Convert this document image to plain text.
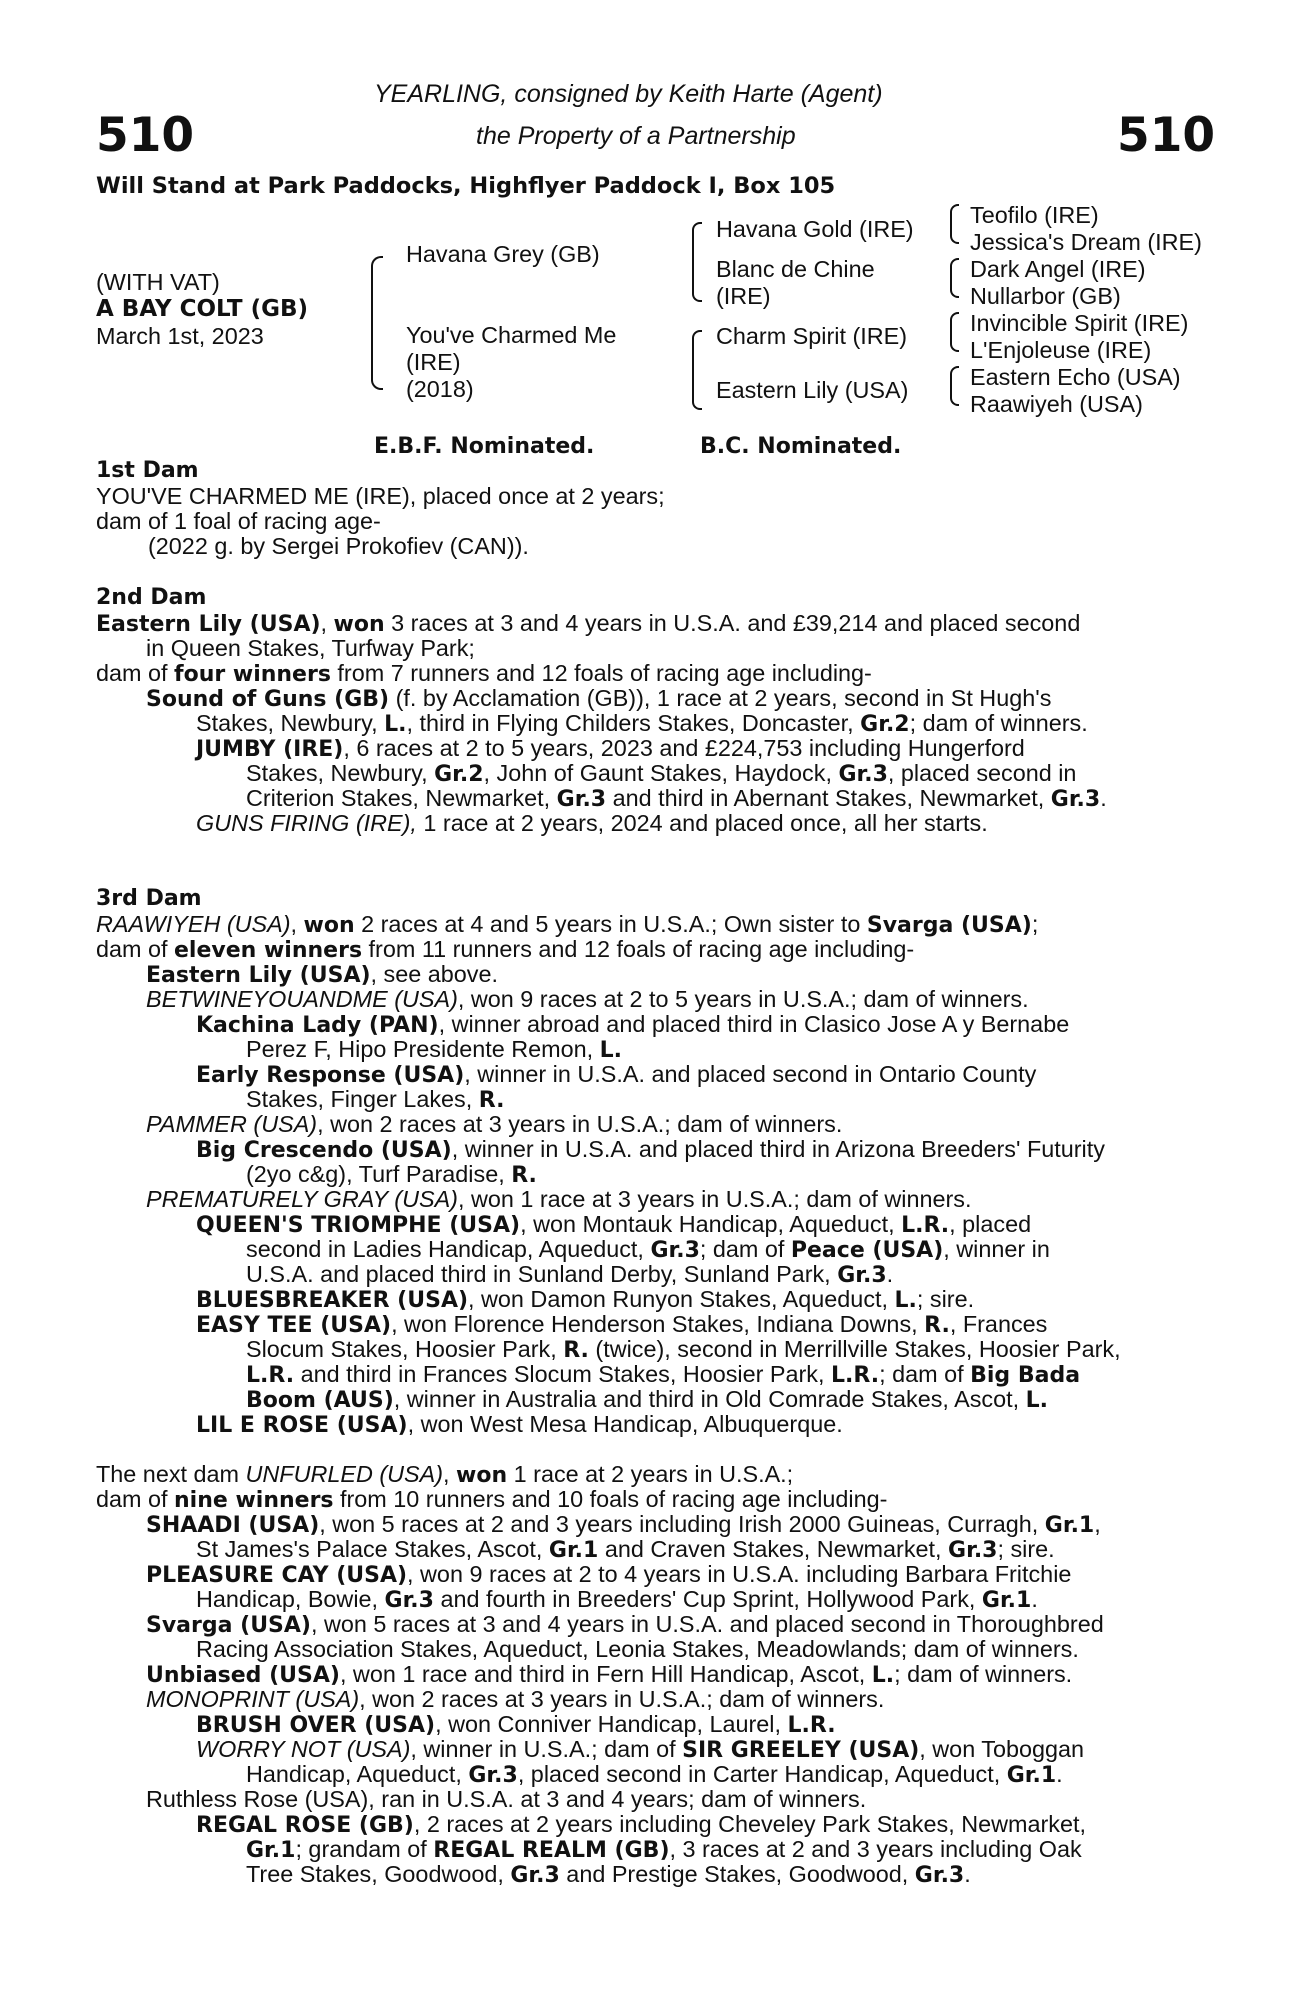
510	510
YEARLING, consigned by Keith Harte (Agent)
the Property of a Partnership
Will Stand at Park Paddocks, Highflyer Paddock I, Box 105
(WITH VAT)
A BAY COLT (GB)
March 1st, 2023
Havana Grey (GB)
You've Charmed Me
(IRE)
(2018)
Havana Gold (IRE)
Blanc de Chine
(IRE)
Charm Spirit (IRE)
Eastern Lily (USA)
Teofilo (IRE)
Jessica's Dream (IRE)
Dark Angel (IRE)
Nullarbor (GB)
Invincible Spirit (IRE)
L'Enjoleuse (IRE)
Eastern Echo (USA)
Raawiyeh (USA)
E.B.F. Nominated.	B.C. Nominated.
1st Dam
YOU'VE CHARMED ME (IRE), placed once at 2 years;
dam of 1 foal of racing age-
(2022 g. by Sergei Prokofiev (CAN)).
2nd Dam
Eastern Lily (USA), won 3 races at 3 and 4 years in U.S.A. and £39,214 and placed second
in Queen Stakes, Turfway Park;
dam of four winners from 7 runners and 12 foals of racing age including-
Sound of Guns (GB) (f. by Acclamation (GB)), 1 race at 2 years, second in St Hugh's
Stakes, Newbury, L., third in Flying Childers Stakes, Doncaster, Gr.2; dam of winners.
JUMBY (IRE), 6 races at 2 to 5 years, 2023 and £224,753 including Hungerford
Stakes, Newbury, Gr.2, John of Gaunt Stakes, Haydock, Gr.3, placed second in
Criterion Stakes, Newmarket, Gr.3 and third in Abernant Stakes, Newmarket, Gr.3.
GUNS FIRING (IRE), 1 race at 2 years, 2024 and placed once, all her starts.
3rd Dam
RAAWIYEH (USA), won 2 races at 4 and 5 years in U.S.A.; Own sister to Svarga (USA);
dam of eleven winners from 11 runners and 12 foals of racing age including-
Eastern Lily (USA), see above.
BETWINEYOUANDME (USA), won 9 races at 2 to 5 years in U.S.A.; dam of winners.
Kachina Lady (PAN), winner abroad and placed third in Clasico Jose A y Bernabe
Perez F, Hipo Presidente Remon, L.
Early Response (USA), winner in U.S.A. and placed second in Ontario County
Stakes, Finger Lakes, R.
PAMMER (USA), won 2 races at 3 years in U.S.A.; dam of winners.
Big Crescendo (USA), winner in U.S.A. and placed third in Arizona Breeders' Futurity
(2yo c&g), Turf Paradise, R.
PREMATURELY GRAY (USA), won 1 race at 3 years in U.S.A.; dam of winners.
QUEEN'S TRIOMPHE (USA), won Montauk Handicap, Aqueduct, L.R., placed
second in Ladies Handicap, Aqueduct, Gr.3; dam of Peace (USA), winner in
U.S.A. and placed third in Sunland Derby, Sunland Park, Gr.3.
BLUESBREAKER (USA), won Damon Runyon Stakes, Aqueduct, L.; sire.
EASY TEE (USA), won Florence Henderson Stakes, Indiana Downs, R., Frances
Slocum Stakes, Hoosier Park, R. (twice), second in Merrillville Stakes, Hoosier Park,
L.R. and third in Frances Slocum Stakes, Hoosier Park, L.R.; dam of Big Bada
Boom (AUS), winner in Australia and third in Old Comrade Stakes, Ascot, L.
LIL E ROSE (USA), won West Mesa Handicap, Albuquerque.
The next dam UNFURLED (USA), won 1 race at 2 years in U.S.A.;
dam of nine winners from 10 runners and 10 foals of racing age including-
SHAADI (USA), won 5 races at 2 and 3 years including Irish 2000 Guineas, Curragh, Gr.1,
St James's Palace Stakes, Ascot, Gr.1 and Craven Stakes, Newmarket, Gr.3; sire.
PLEASURE CAY (USA), won 9 races at 2 to 4 years in U.S.A. including Barbara Fritchie
Handicap, Bowie, Gr.3 and fourth in Breeders' Cup Sprint, Hollywood Park, Gr.1.
Svarga (USA), won 5 races at 3 and 4 years in U.S.A. and placed second in Thoroughbred
Racing Association Stakes, Aqueduct, Leonia Stakes, Meadowlands; dam of winners.
Unbiased (USA), won 1 race and third in Fern Hill Handicap, Ascot, L.; dam of winners.
MONOPRINT (USA), won 2 races at 3 years in U.S.A.; dam of winners.
BRUSH OVER (USA), won Conniver Handicap, Laurel, L.R.
WORRY NOT (USA), winner in U.S.A.; dam of SIR GREELEY (USA), won Toboggan
Handicap, Aqueduct, Gr.3, placed second in Carter Handicap, Aqueduct, Gr.1.
Ruthless Rose (USA), ran in U.S.A. at 3 and 4 years; dam of winners.
REGAL ROSE (GB), 2 races at 2 years including Cheveley Park Stakes, Newmarket,
Gr.1; grandam of REGAL REALM (GB), 3 races at 2 and 3 years including Oak
Tree Stakes, Goodwood, Gr.3 and Prestige Stakes, Goodwood, Gr.3.
